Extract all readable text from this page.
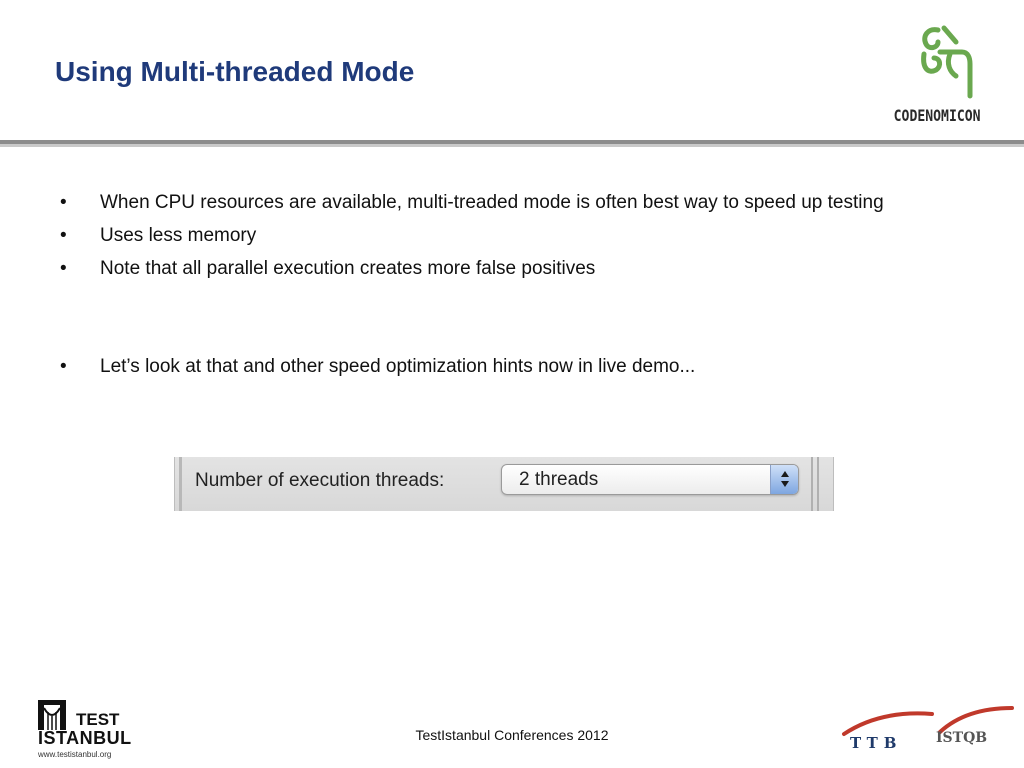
Using Multi-threaded Mode
CODENOMICON
• When CPU resources are available, multi-treaded mode is often best way to speed up testing
• Uses less memory
• Note that all parallel execution creates more false positives
• Let’s look at that and other speed optimization hints now in live demo...
Number of execution threads:	2 threads
TEST
ISTANBUL
www.testistanbul.org
TestIstanbul Conferences 2012	TTB ISTQB
